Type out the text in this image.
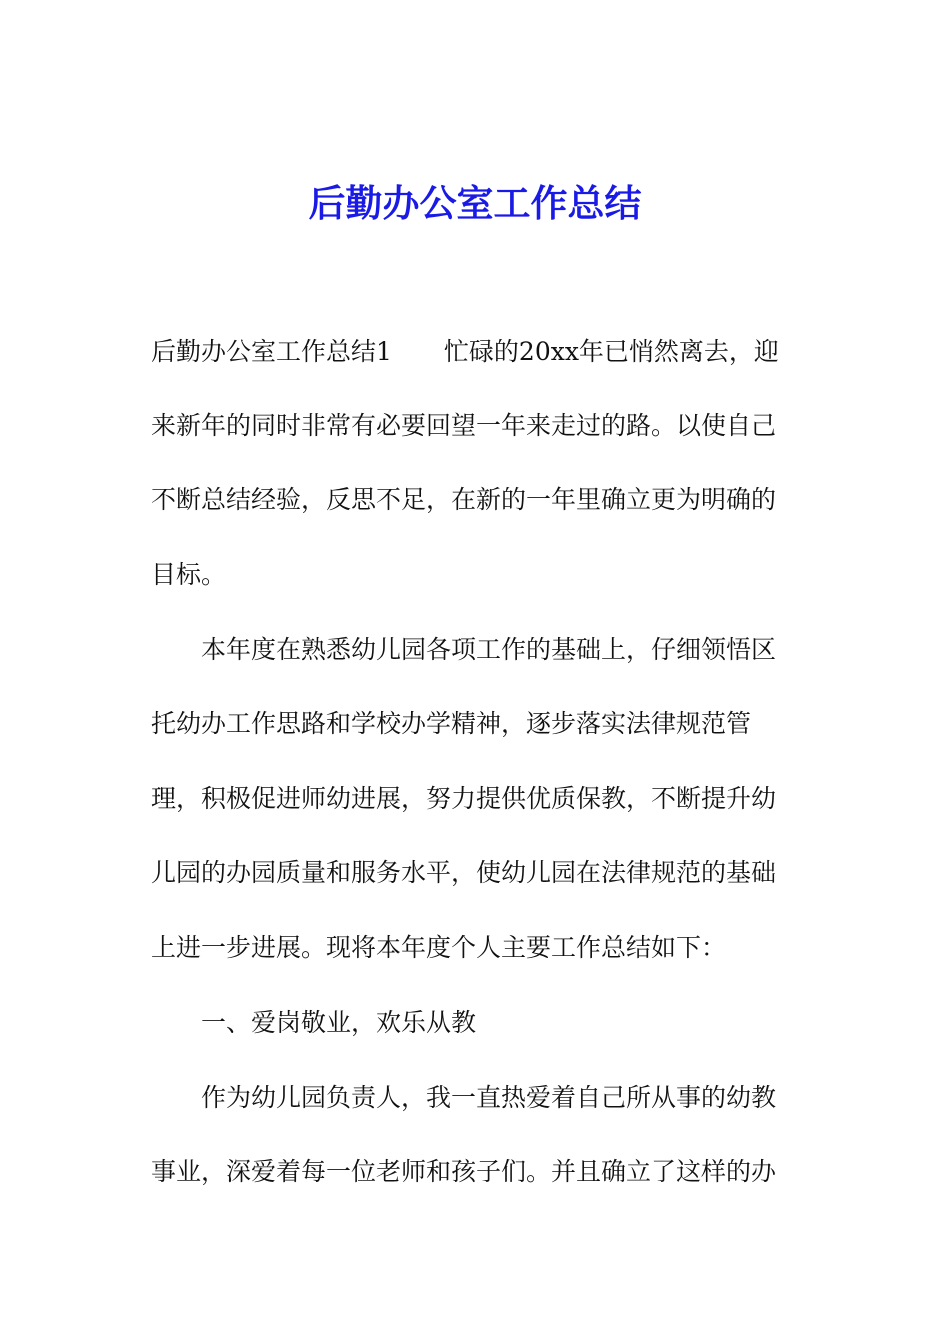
后勤办公室工作总结

后勤办公室工作总结1 忙碌的20xx年已悄然离去，迎

来新年的同时非常有必要回望一年来走过的路。以使自己

不断总结经验，反思不足，在新的一年里确立更为明确的

目标。

本年度在熟悉幼儿园各项工作的基础上，仔细领悟区

托幼办工作思路和学校办学精神，逐步落实法律规范管

理，积极促进师幼进展，努力提供优质保教，不断提升幼

儿园的办园质量和服务水平，使幼儿园在法律规范的基础

上进一步进展。现将本年度个人主要工作总结如下：

一、爱岗敬业，欢乐从教

作为幼儿园负责人，我一直热爱着自己所从事的幼教

事业，深爱着每一位老师和孩子们。并且确立了这样的办
